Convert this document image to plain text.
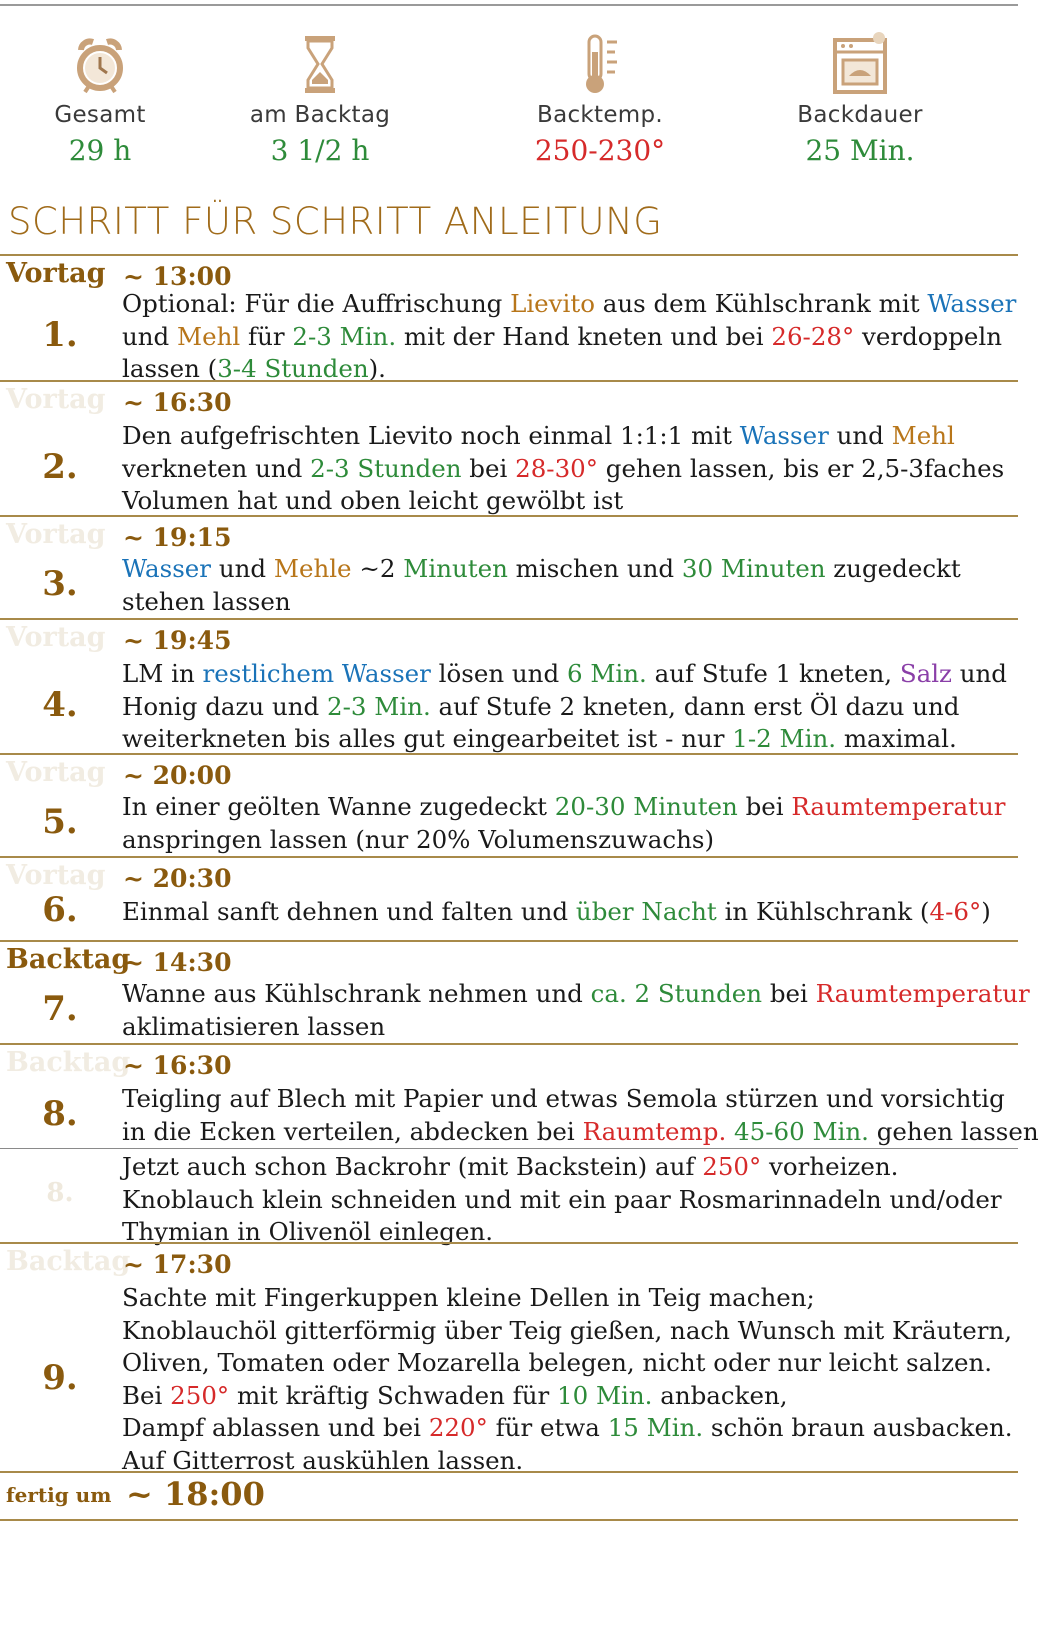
Gesamt
29 h
am Backtag
3 1/2 h
Backtemp.
250-230°
Backdauer
25 Min.
SCHRITT FÜR SCHRITT ANLEITUNG
Vortag ~ 13:00
Optional: Für die Auffrischung Lievito aus dem Kühlschrank mit Wasser
und Mehl für 2-3 Min. mit der Hand kneten und bei 26-28° verdoppeln
lassen (3-4 Stunden).
1.
Vortag ~ 16:30
Den aufgefrischten Lievito noch einmal 1:1:1 mit Wasser und Mehl
verkneten und 2-3 Stunden bei 28-30° gehen lassen, bis er 2,5-3faches
Volumen hat und oben leicht gewölbt ist
2.
Vortag ~ 19:15
Wasser und Mehle ~2 Minuten mischen und 30 Minuten zugedeckt
stehen lassen
3.
Vortag ~ 19:45
LM in restlichem Wasser lösen und 6 Min. auf Stufe 1 kneten, Salz und
Honig dazu und 2-3 Min. auf Stufe 2 kneten, dann erst Öl dazu und
weiterkneten bis alles gut eingearbeitet ist - nur 1-2 Min. maximal.
4.
Vortag ~ 20:00
In einer geölten Wanne zugedeckt 20-30 Minuten bei Raumtemperatur
anspringen lassen (nur 20% Volumenszuwachs)
5.
Vortag ~ 20:30
Einmal sanft dehnen und falten und über Nacht in Kühlschrank (4-6°)
6.
Backtag
~ 14:30
Wanne aus Kühlschrank nehmen und ca. 2 Stunden bei Raumtemperatur
aklimatisieren lassen
7.
Backtag
~ 16:30
Teigling auf Blech mit Papier und etwas Semola stürzen und vorsichtig
in die Ecken verteilen, abdecken bei Raumtemp. 45-60 Min. gehen lassen
8.
Jetzt auch schon Backrohr (mit Backstein) auf 250° vorheizen.
Knoblauch klein schneiden und mit ein paar Rosmarinnadeln und/oder
Thymian in Olivenöl einlegen.
8.
Backtag
~ 17:30
Sachte mit Fingerkuppen kleine Dellen in Teig machen;
Knoblauchöl gitterförmig über Teig gießen, nach Wunsch mit Kräutern,
Oliven, Tomaten oder Mozarella belegen, nicht oder nur leicht salzen.
Bei 250° mit kräftig Schwaden für 10 Min. anbacken,
Dampf ablassen und bei 220° für etwa 15 Min. schön braun ausbacken.
Auf Gitterrost auskühlen lassen.
9.
fertig um ~ 18:00
